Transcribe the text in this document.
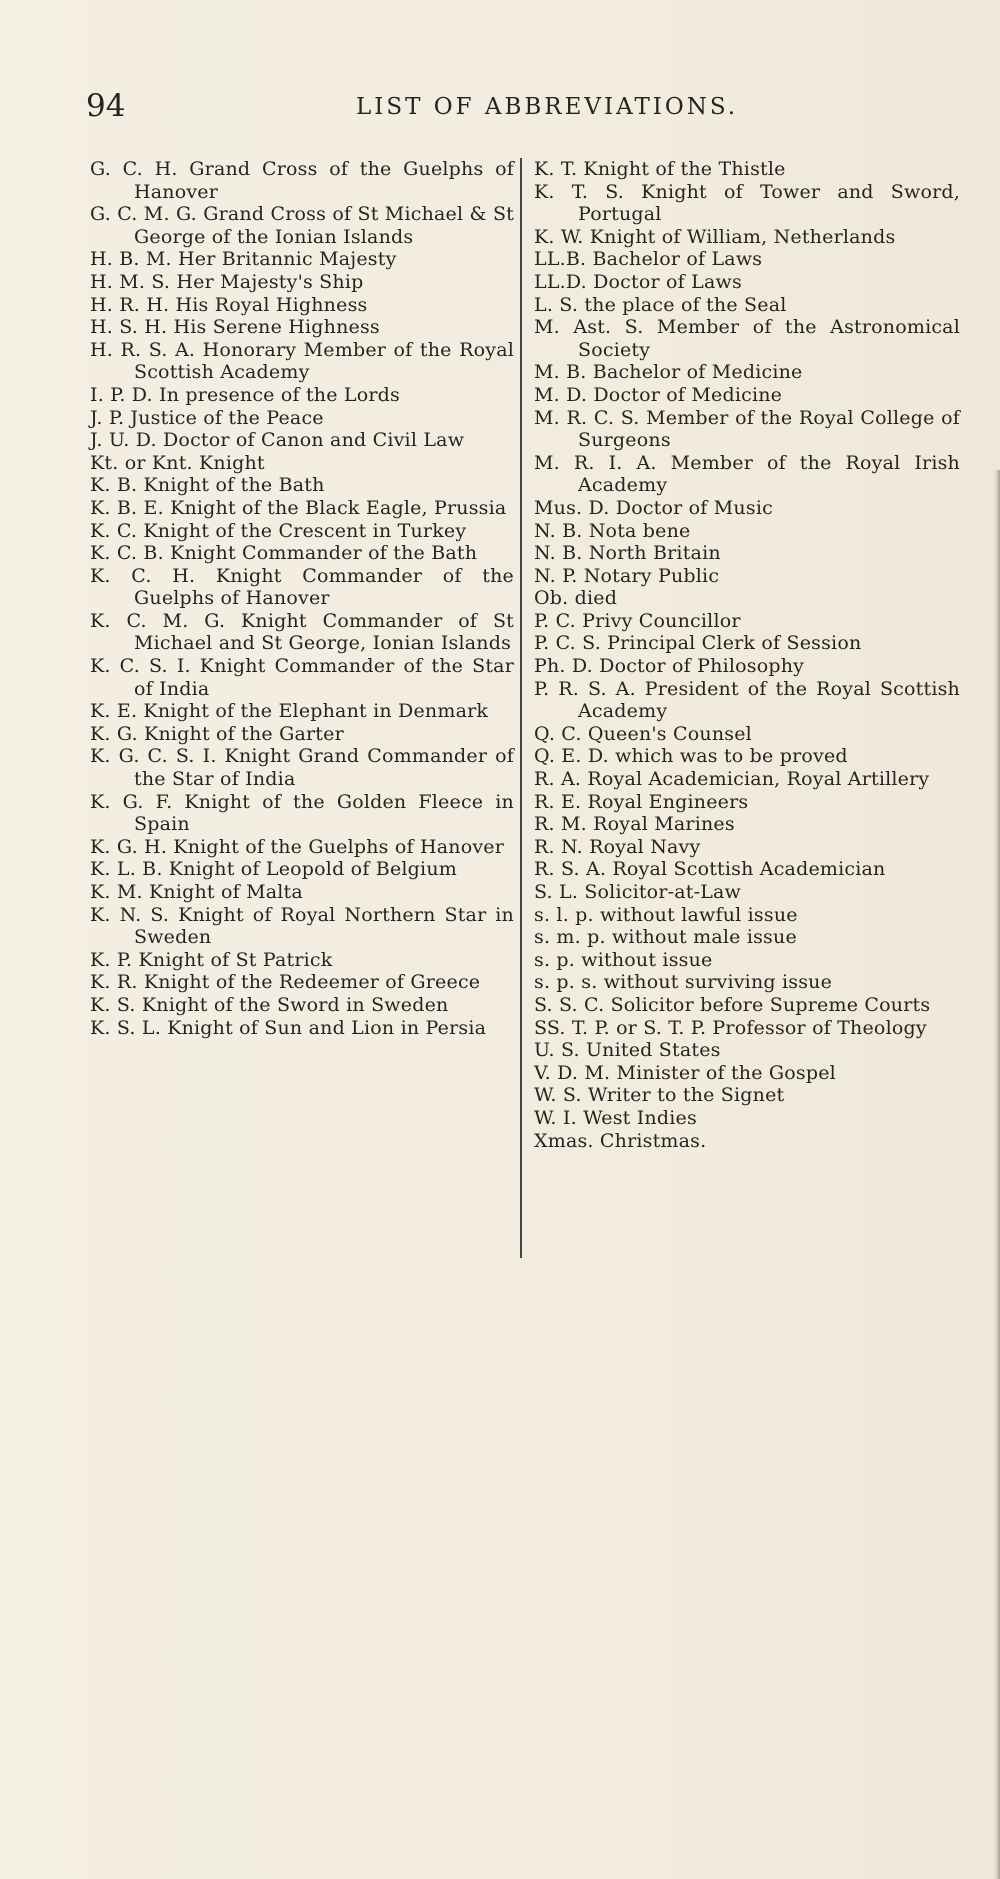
94	LIST OF ABBREVIATIONS.

G. C. H. Grand Cross of the Guelphs of Hanover

G. C. M. G. Grand Cross of St Michael & St George of the Ionian Islands

H. B. M. Her Britannic Majesty

H. M. S. Her Majesty's Ship

H. R. H. His Royal Highness

H. S. H. His Serene Highness

H. R. S. A. Honorary Member of the Royal Scottish Academy

I. P. D. In presence of the Lords

J. P. Justice of the Peace

J. U. D. Doctor of Canon and Civil Law

Kt. or Knt. Knight

K. B. Knight of the Bath

K. B. E. Knight of the Black Eagle, Prussia

K. C. Knight of the Crescent in Turkey

K. C. B. Knight Commander of the Bath

K. C. H. Knight Commander of the Guelphs of Hanover

K. C. M. G. Knight Commander of St Michael and St George, Ionian Islands

K. C. S. I. Knight Commander of the Star of India

K. E. Knight of the Elephant in Denmark

K. G. Knight of the Garter

K. G. C. S. I. Knight Grand Commander of the Star of India

K. G. F. Knight of the Golden Fleece in Spain

K. G. H. Knight of the Guelphs of Hanover

K. L. B. Knight of Leopold of Belgium

K. M. Knight of Malta

K. N. S. Knight of Royal Northern Star in Sweden

K. P. Knight of St Patrick

K. R. Knight of the Redeemer of Greece

K. S. Knight of the Sword in Sweden

K. S. L. Knight of Sun and Lion in Persia

K. T. Knight of the Thistle

K. T. S. Knight of Tower and Sword, Portugal

K. W. Knight of William, Netherlands

LL.B. Bachelor of Laws

LL.D. Doctor of Laws

L. S. the place of the Seal

M. Ast. S. Member of the Astronomical Society

M. B. Bachelor of Medicine

M. D. Doctor of Medicine

M. R. C. S. Member of the Royal College of Surgeons

M. R. I. A. Member of the Royal Irish Academy

Mus. D. Doctor of Music

N. B. Nota bene

N. B. North Britain

N. P. Notary Public

Ob. died

P. C. Privy Councillor

P. C. S. Principal Clerk of Session

Ph. D. Doctor of Philosophy

P. R. S. A. President of the Royal Scottish Academy

Q. C. Queen's Counsel

Q. E. D. which was to be proved

R. A. Royal Academician, Royal Artillery

R. E. Royal Engineers

R. M. Royal Marines

R. N. Royal Navy

R. S. A. Royal Scottish Academician

S. L. Solicitor-at-Law

s. l. p. without lawful issue

s. m. p. without male issue

s. p. without issue

s. p. s. without surviving issue

S. S. C. Solicitor before Supreme Courts

SS. T. P. or S. T. P. Professor of Theology

U. S. United States

V. D. M. Minister of the Gospel

W. S. Writer to the Signet

W. I. West Indies

Xmas. Christmas.
